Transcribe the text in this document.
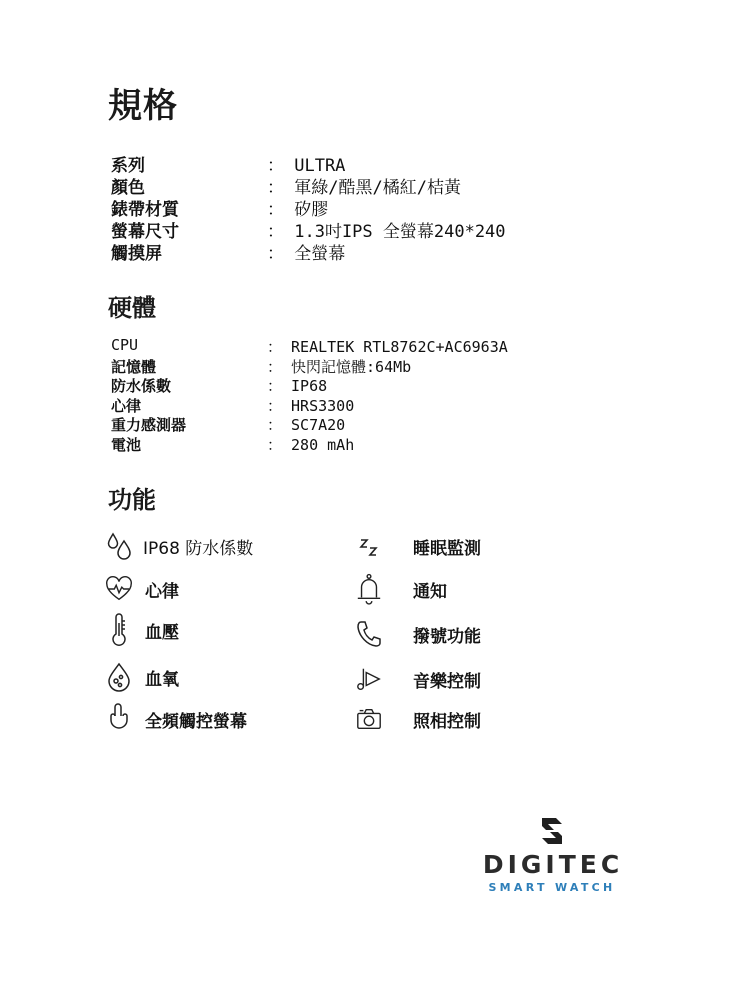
規格
系列	： ULTRA
顏色	： 軍綠/酷黑/橘紅/桔黃
錶帶材質	： 矽膠
螢幕尺寸	： 1.3吋IPS 全螢幕240*240
觸摸屏	： 全螢幕
硬體
CPU	： REALTEK RTL8762C+AC6963A
記憶體	： 快閃記憶體:64Mb
防水係數	： IP68
心律	： HRS3300
重力感測器	： SC7A20
電池	： 280 mAh
功能
IP68 防水係數
心律
血壓
血氧
全頻觸控螢幕
睡眠監測
通知
撥號功能
音樂控制
照相控制
DIGITEC
SMART WATCH
